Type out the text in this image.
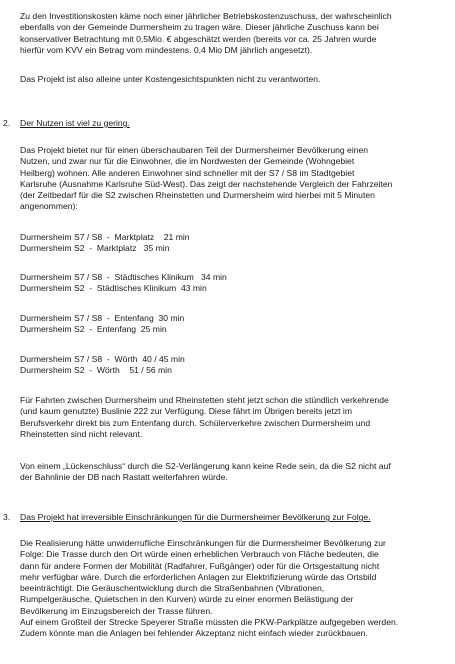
Zu den Investitionskosten käme noch einer jährlicher Betriebskostenzuschuss, der wahrscheinlich
ebenfalls von der Gemeinde Durmersheim zu tragen wäre. Dieser jährliche Zuschuss kann bei
konservativer Betrachtung mit 0,5Mio. € abgeschätzt werden (bereits vor ca. 25 Jahren wurde
hierfür vom KVV ein Betrag vom mindestens. 0,4 Mio DM jährlich angesetzt).
Das Projekt ist also alleine unter Kostengesichtspunkten nicht zu verantworten.
2. Der Nutzen ist viel zu gering.
Das Projekt bietet nur für einen überschaubaren Teil der Durmersheimer Bevölkerung einen
Nutzen, und zwar nur für die Einwohner, die im Nordwesten der Gemeinde (Wohngebiet
Heilberg) wohnen. Alle anderen Einwohner sind schneller mit der S7 / S8 im Stadtgebiet
Karlsruhe (Ausnahme Karlsruhe Süd-West). Das zeigt der nachstehende Vergleich der Fahrzeiten
(der Zeitbedarf für die S2 zwischen Rheinstetten und Durmersheim wird hierbei mit 5 Minuten
angenommen):
Durmersheim S7 / S8  -  Marktplatz    21 min
Durmersheim S2  -  Marktplatz   35 min
Durmersheim S7 / S8  -  Städtisches Klinikum   34 min
Durmersheim S2  -  Städtisches Klinikum  43 min
Durmersheim S7 / S8  -  Entenfang  30 min
Durmersheim S2  -  Entenfang  25 min
Durmersheim S7 / S8  -  Wörth  40 / 45 min
Durmersheim S2  -  Wörth    51 / 56 min
Für Fahrten zwischen Durmersheim und Rheinstetten steht jetzt schon die stündlich verkehrende
(und kaum genutzte) Buslinie 222 zur Verfügung. Diese fährt im Übrigen bereits jetzt im
Berufsverkehr direkt bis zum Entenfang durch. Schülerverkehre zwischen Durmersheim und
Rheinstetten sind nicht relevant.
Von einem „Lückenschluss“ durch die S2-Verlängerung kann keine Rede sein, da die S2 nicht auf
der Bahnlinie der DB nach Rastatt weiterfahren würde.
3. Das Projekt hat irreversible Einschränkungen für die Durmersheimer Bevölkerung zur Folge.
Die Realisierung hätte unwiderrufliche Einschränkungen für die Durmersheimer Bevölkerung zur
Folge: Die Trasse durch den Ort würde einen erheblichen Verbrauch von Fläche bedeuten, die
dann für andere Formen der Mobilität (Radfahrer, Fußgänger) oder für die Ortsgestaltung nicht
mehr verfügbar wäre. Durch die erforderlichen Anlagen zur Elektrifizierung würde das Ortsbild
beeinträchtigt. Die Geräuschentwicklung durch die Straßenbahnen (Vibrationen,
Rumpelgeräusche, Quietschen in den Kurven) würde zu einer enormen Belästigung der
Bevölkerung im Einzugsbereich der Trasse führen.
Auf einem Großteil der Strecke Speyerer Straße müssten die PKW-Parkplätze aufgegeben werden.
Zudem könnte man die Anlagen bei fehlender Akzeptanz nicht einfach wieder zurückbauen.
